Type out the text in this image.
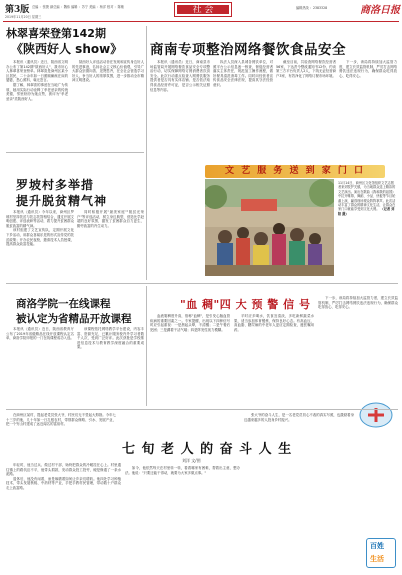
第3版 总编 ：张捷 副总编 ：魏伟 编辑 ：苏宁 美编 ：杨洋 校对 ：陈敏
2019年11月20日 星期三
社 会	编辑热线 ：2383328	商洛日报
林翠喜荣登第142期
《陕西好人 show》

本报讯（通讯员）近日，陕西省文明办公布了第142期"陕西好人"，我市好心人林翠喜荣登榜单。林翠喜是商州区某小区居民，二十余年如一日照顾瘫痪在床的婆婆，悉心照料，毫无怨言。

据了解，林翠喜的事迹在当地广为传颂，她用实际行动诠释了孝老爱亲的传统美德，邻里纷纷为她点赞，被评为"孝老爱亲"类陕西好人。

陕西好人评选活动旨在发现和宣传身边好人的先进事迹，弘扬社会主义核心价值观，引导广大群众崇德向善、见贤思齐，在全社会营造学习好人、争当好人的浓厚氛围，进一步推动全市精神文明建设。

商南专项整治网络餐饮食品安全

本报讯（通讯员）近日，商南县市场监管局开展网络餐饮食品安全专项整治行动，切实保障网络订餐消费者饮食安全。此次行动重点检查入网餐饮服务提供者是否具有实体店铺、是否依法取得食品经营许可证，是否公示相关证照信息等内容。

执法人员深入县城各餐饮单位，对照平台公示信息逐一核查，督促经营者落实主体责任，规范加工操作流程，做好餐具清洗消毒工作。同时向经营者宣传食品安全法律法规，提高其守法经营意识。

截至目前，共检查网络餐饮经营者56家，下达责令整改通知书12份，约谈第三方平台负责人2人，下线无证经营商户3家，有效净化了网络订餐市场环境。

下一步，该局将持续加大监管力度，建立长效监管机制，严厉打击网络餐饮违法违规行为，确保群众吃得放心、吃得安心。

罗坡村多举措
提升脱贫精气神

本报讯（通讯员）今年以来，商州区罗坡村坚持扶贫与扶志扶智相结合，通过开展文明创建、评选表彰等活动，着力提升贫困群众脱贫致富的精气神。

该村组建了文艺宣传队，定期开展文化下乡活动，用群众喜闻乐见的形式宣传党的扶贫政策；开办农民夜校，邀请技术人员授课，提高群众致富技能。

同时积极开展"最美家庭""脱贫光荣户"等评选活动，树立身边典型，营造比学赶超的良好氛围，激发了贫困群众自力更生、勤劳致富的内生动力。

文 艺 服 务 送 到 家 门 口
11月14日，商州区文化馆组织文艺志愿者来到牧护关镇，为当地群众送上精彩的文艺演出。演出在歌曲《我和我的祖国》中拉开帷幕，舞蹈、小品、快板等节目轮番上演，赢得现场观众阵阵掌声。此次活动丰富了群众的精神文化生活，让群众在家门口就能享受到文化大餐。 （记者 刘阳 摄）
商洛学院一在线课程
被认定为省精品开放课程

本报讯（通讯员）近日，陕西省教育厅公布了2019年省级精品在线开放课程认定名单，商洛学院申报的一门在线课程成功入选。

该课程依托网络教学平台建设，内容丰富、资源充足，已累计服务校内外学习者数千人次，受到广泛好评。此次获批是学校推进信息技术与教育教学深度融合的重要成果。

"血 稠"四 大 预 警 信 号

血液黏稠度升高，俗称"血稠"，是引发心脑血管疾病的重要因素之一。专家提醒，出现以下四种信号时应引起重视：一是晨起头晕，不清醒；二是午餐后犯困；三是蹲着干活气喘；四是阵发性视力模糊。

平时应多喝水，饮食宜清淡，多吃新鲜蔬菜水果，适当参加体育锻炼，保持良好心态。有高血压、高血脂、糖尿病的中老年人更应定期检查，遵医嘱用药。

下一步，该局将持续加大监管力度，建立长效监管机制，严厉打击网络餐饮违法违规行为，确保群众吃得放心、吃得安心。

在商州区某村，提起老党员张大爷，村民们无不竖起大拇指。今年七十三岁的他，几十年如一日扎根农村，带领群众修路、引水、发展产业，把一个穷山村建成了远近闻名的富裕村。

七 旬 老 人 的 奋 斗 人 生
刘洋 文/图

年轻时，他当过兵、做过村干部，始终把群众的冷暖挂在心上。村里通往镇上的路坑洼不平，他带头捐款，发动群众投工投劳，硬是修通了一条水泥路。

退休后，他没有闲着，而是琢磨着如何让乡亲们增收。他四处学习种植技术，带头发展核桃、中药材等产业，手把手教村民管理，带动数十户群众走上致富路。

如今，他依然每天在村里转一转，看看哪家有困难，帮着出主意、想办法。他说："只要还能干得动，就要为大家多做点事。"

张大爷的奋斗人生，是一名老党员初心不改的真实写照，也激励着身边越来越多的人投身乡村振兴。

百姓
生活
